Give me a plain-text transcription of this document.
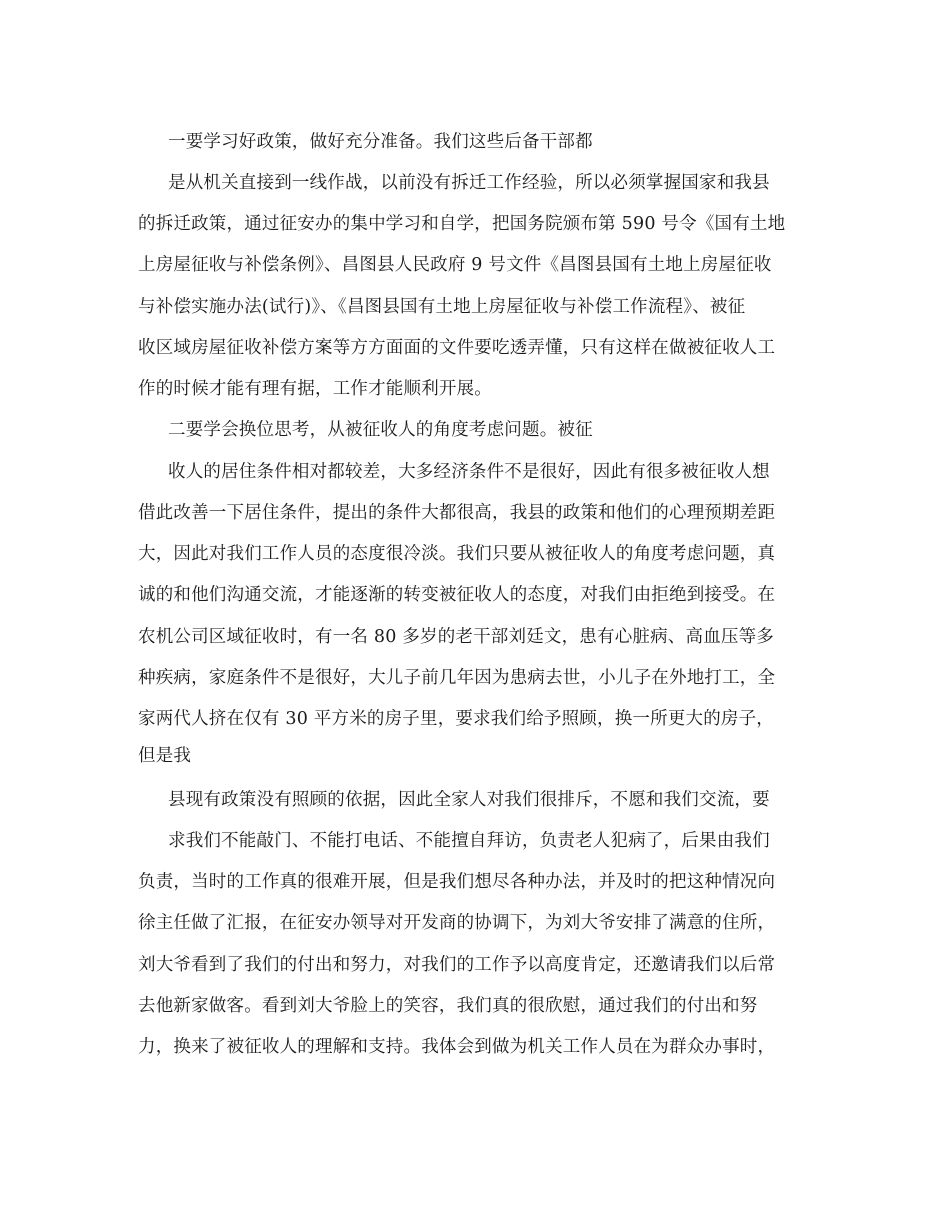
一要学习好政策，做好充分准备。我们这些后备干部都
是从机关直接到一线作战，以前没有拆迁工作经验，所以必须掌握国家和我县
的拆迁政策，通过征安办的集中学习和自学，把国务院颁布第 590 号令《国有土地
上房屋征收与补偿条例》、昌图县人民政府 9 号文件《昌图县国有土地上房屋征收
与补偿实施办法(试行)》、《昌图县国有土地上房屋征收与补偿工作流程》、被征
收区域房屋征收补偿方案等方方面面的文件要吃透弄懂，只有这样在做被征收人工
作的时候才能有理有据，工作才能顺利开展。
二要学会换位思考，从被征收人的角度考虑问题。被征
收人的居住条件相对都较差，大多经济条件不是很好，因此有很多被征收人想
借此改善一下居住条件，提出的条件大都很高，我县的政策和他们的心理预期差距
大，因此对我们工作人员的态度很冷淡。我们只要从被征收人的角度考虑问题，真
诚的和他们沟通交流，才能逐渐的转变被征收人的态度，对我们由拒绝到接受。在
农机公司区域征收时，有一名 80 多岁的老干部刘廷文，患有心脏病、高血压等多
种疾病，家庭条件不是很好，大儿子前几年因为患病去世，小儿子在外地打工，全
家两代人挤在仅有 30 平方米的房子里，要求我们给予照顾，换一所更大的房子，
但是我
县现有政策没有照顾的依据，因此全家人对我们很排斥，不愿和我们交流，要
求我们不能敲门、不能打电话、不能擅自拜访，负责老人犯病了，后果由我们
负责，当时的工作真的很难开展，但是我们想尽各种办法，并及时的把这种情况向
徐主任做了汇报，在征安办领导对开发商的协调下，为刘大爷安排了满意的住所，
刘大爷看到了我们的付出和努力，对我们的工作予以高度肯定，还邀请我们以后常
去他新家做客。看到刘大爷脸上的笑容，我们真的很欣慰，通过我们的付出和努
力，换来了被征收人的理解和支持。我体会到做为机关工作人员在为群众办事时，
